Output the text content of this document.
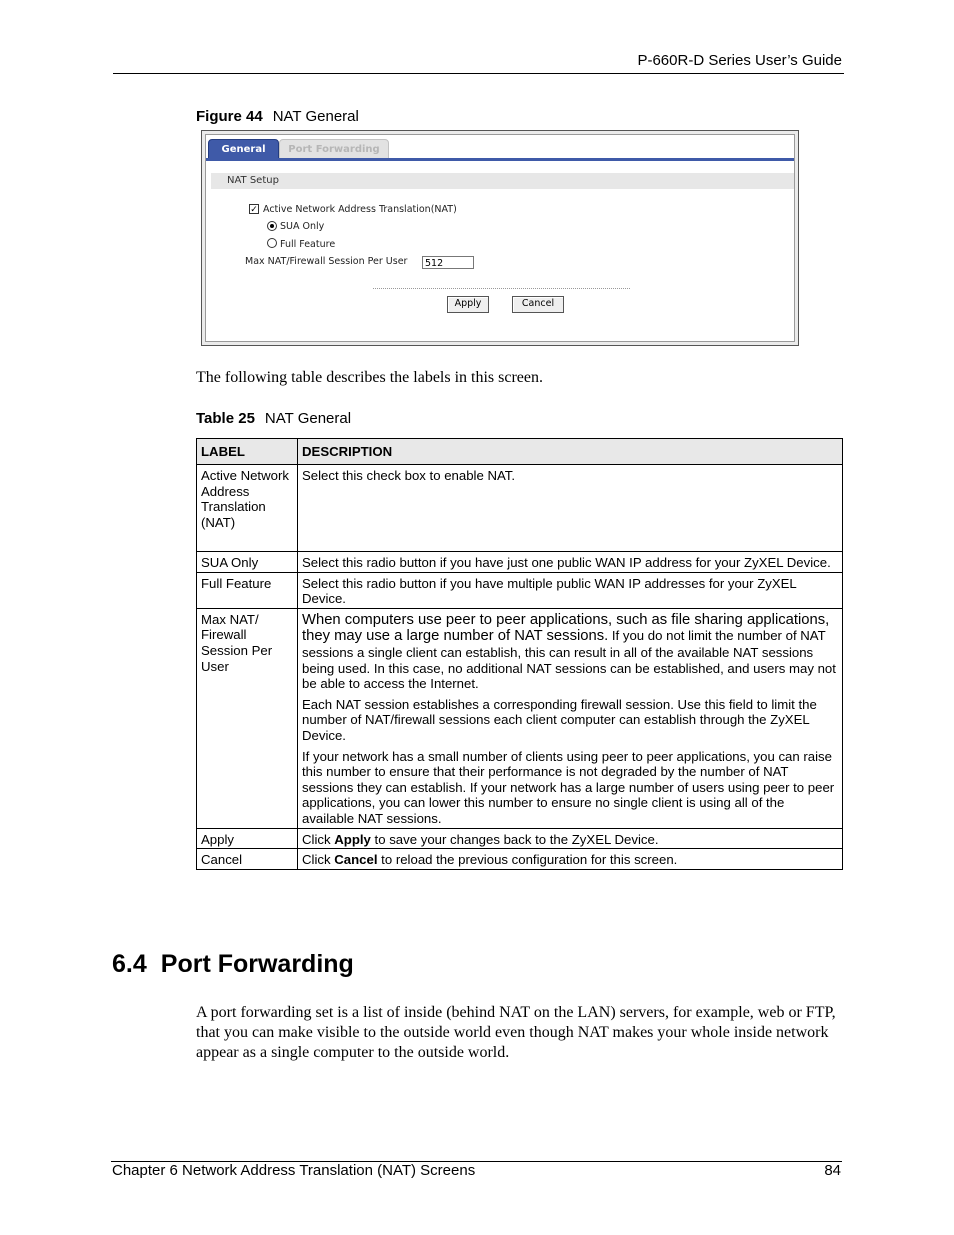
P-660R-D Series User’s Guide
Figure 44 NAT General
General	Port Forwarding
NAT Setup
✓ Active Network Address Translation(NAT)
SUA Only
Full Feature
Max NAT/Firewall Session Per User	512
Apply	Cancel
The following table describes the labels in this screen.
Table 25 NAT General
LABEL	DESCRIPTION
Active Network Address Translation (NAT)	Select this check box to enable NAT.
SUA Only	Select this radio button if you have just one public WAN IP address for your ZyXEL Device.
Full Feature	Select this radio button if you have multiple public WAN IP addresses for your ZyXEL Device.
Max NAT/ Firewall Session Per User	When computers use peer to peer applications, such as file sharing applications, they may use a large number of NAT sessions. If you do not limit the number of NAT sessions a single client can establish, this can result in all of the available NAT sessions being used. In this case, no additional NAT sessions can be established, and users may not be able to access the Internet.

Each NAT session establishes a corresponding firewall session. Use this field to limit the number of NAT/firewall sessions each client computer can establish through the ZyXEL Device.

If your network has a small number of clients using peer to peer applications, you can raise this number to ensure that their performance is not degraded by the number of NAT sessions they can establish. If your network has a large number of users using peer to peer applications, you can lower this number to ensure no single client is using all of the available NAT sessions.

Apply	Click Apply to save your changes back to the ZyXEL Device.
Cancel	Click Cancel to reload the previous configuration for this screen.
6.4 Port Forwarding
A port forwarding set is a list of inside (behind NAT on the LAN) servers, for example, web or FTP, that you can make visible to the outside world even though NAT makes your whole inside network appear as a single computer to the outside world.
Chapter 6 Network Address Translation (NAT) Screens	84
